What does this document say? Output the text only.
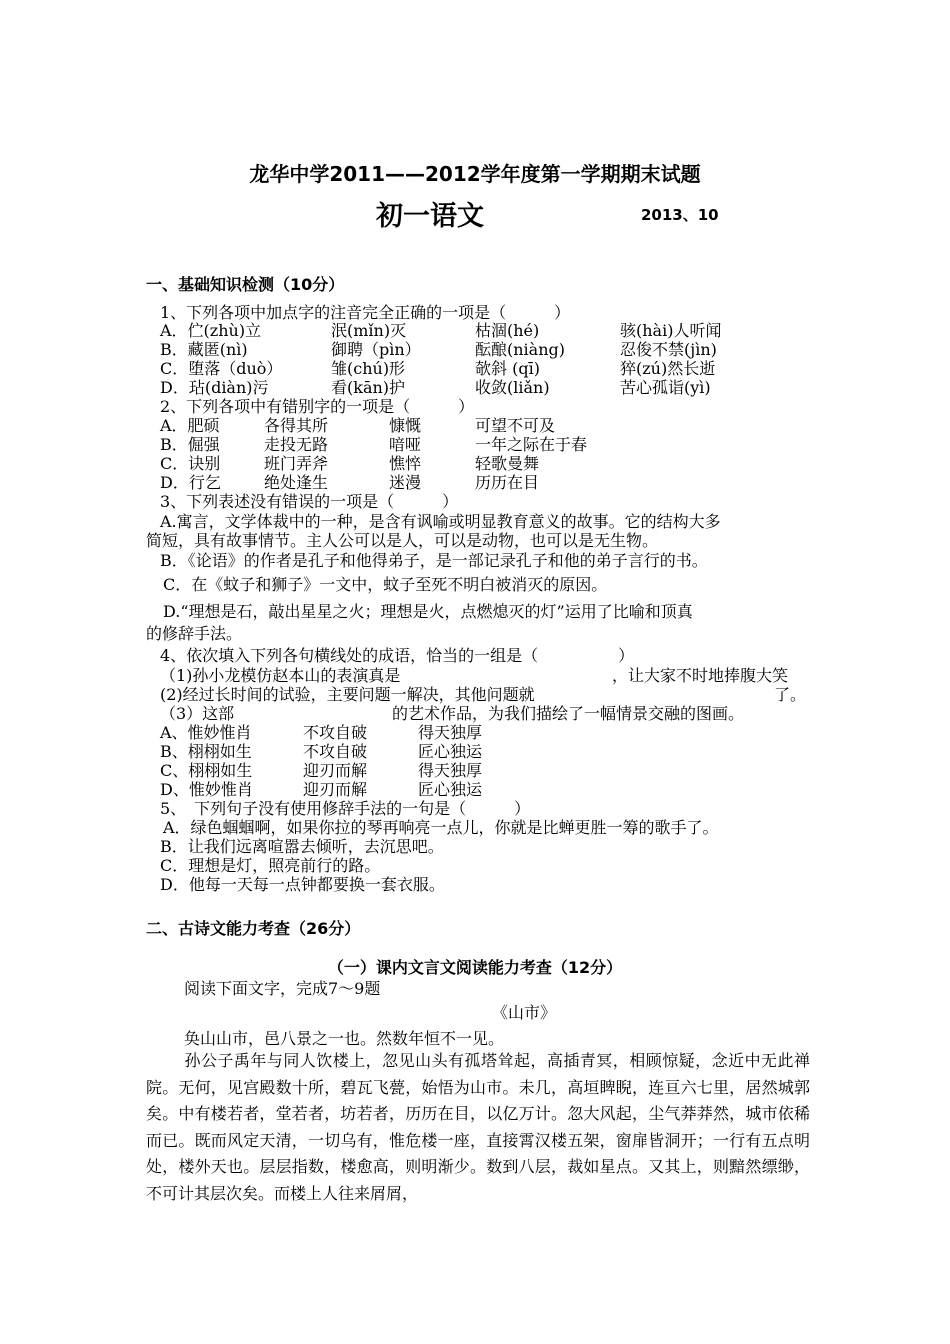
龙华中学2011——2012学年度第一学期期末试题
初一语文	2013、10
一、基础知识检测（10分）
1、下列各项中加点字的注音完全正确的一项是（　　　）
A．伫(zhù)立	泯(mǐn)灭	枯涸(hé)	骇(hài)人听闻
B．藏匿(nì)	御聘（pìn）	酝酿(niàng)	忍俊不禁(jìn)
C．堕落（duò）	雏(chú)形	欹斜 (qī)	猝(zú)然长逝
D．玷(diàn)污	看(kān)护	收敛(liǎn)	苦心孤诣(yì)
2、下列各项中有错别字的一项是（　　　）
A．肥硕	各得其所	慷慨	可望不可及
B．倔强	走投无路	喑哑	一年之际在于春
C．诀别	班门弄斧	憔悴	轻歌曼舞
D．行乞	绝处逢生	迷漫	历历在目
3、下列表述没有错误的一项是（　　　）
A.寓言，文学体裁中的一种，是含有讽喻或明显教育意义的故事。它的结构大多
简短，具有故事情节。主人公可以是人，可以是动物，也可以是无生物。
B．《论语》的作者是孔子和他得弟子，是一部记录孔子和他的弟子言行的书。
C．在《蚊子和狮子》一文中，蚊子至死不明白被消灭的原因。
D.“理想是石，敲出星星之火；理想是火，点燃熄灭的灯”运用了比喻和顶真
的修辞手法。
4、依次填入下列各句横线处的成语，恰当的一组是（　　　　　）
（1)孙小龙模仿赵本山的表演真是	，让大家不时地捧腹大笑
(2)经过长时间的试验，主要问题一解决，其他问题就	了。
（3）这部	的艺术作品，为我们描绘了一幅情景交融的图画。
A、惟妙惟肖	不攻自破	得天独厚
B、栩栩如生	不攻自破	匠心独运
C、栩栩如生	迎刃而解	得天独厚
D、惟妙惟肖	迎刃而解	匠心独运
5、　下列句子没有使用修辞手法的一句是（　　　）
A．绿色蝈蝈啊，如果你拉的琴再响亮一点儿，你就是比蝉更胜一筹的歌手了。
B．让我们远离喧嚣去倾听，去沉思吧。
C．理想是灯，照亮前行的路。
D．他每一天每一点钟都要换一套衣服。
二、古诗文能力考查（26分）
（一）课内文言文阅读能力考查（12分）
阅读下面文字，完成7～9题
《山市》
奂山山市，邑八景之一也。然数年恒不一见。
孙公子禹年与同人饮楼上，忽见山头有孤塔耸起，高插青冥，相顾惊疑，念近中无此禅院。无何，见宫殿数十所，碧瓦飞甍，始悟为山市。未几，高垣睥睨，连亘六七里，居然城郭矣。中有楼若者，堂若者，坊若者，历历在目，以亿万计。忽大风起，尘气莽莽然，城市依稀而已。既而风定天清，一切乌有，惟危楼一座，直接霄汉楼五架，窗扉皆洞开；一行有五点明处，楼外天也。层层指数，楼愈高，则明渐少。数到八层，裁如星点。又其上，则黯然缥缈，不可计其层次矣。而楼上人往来屑屑，
